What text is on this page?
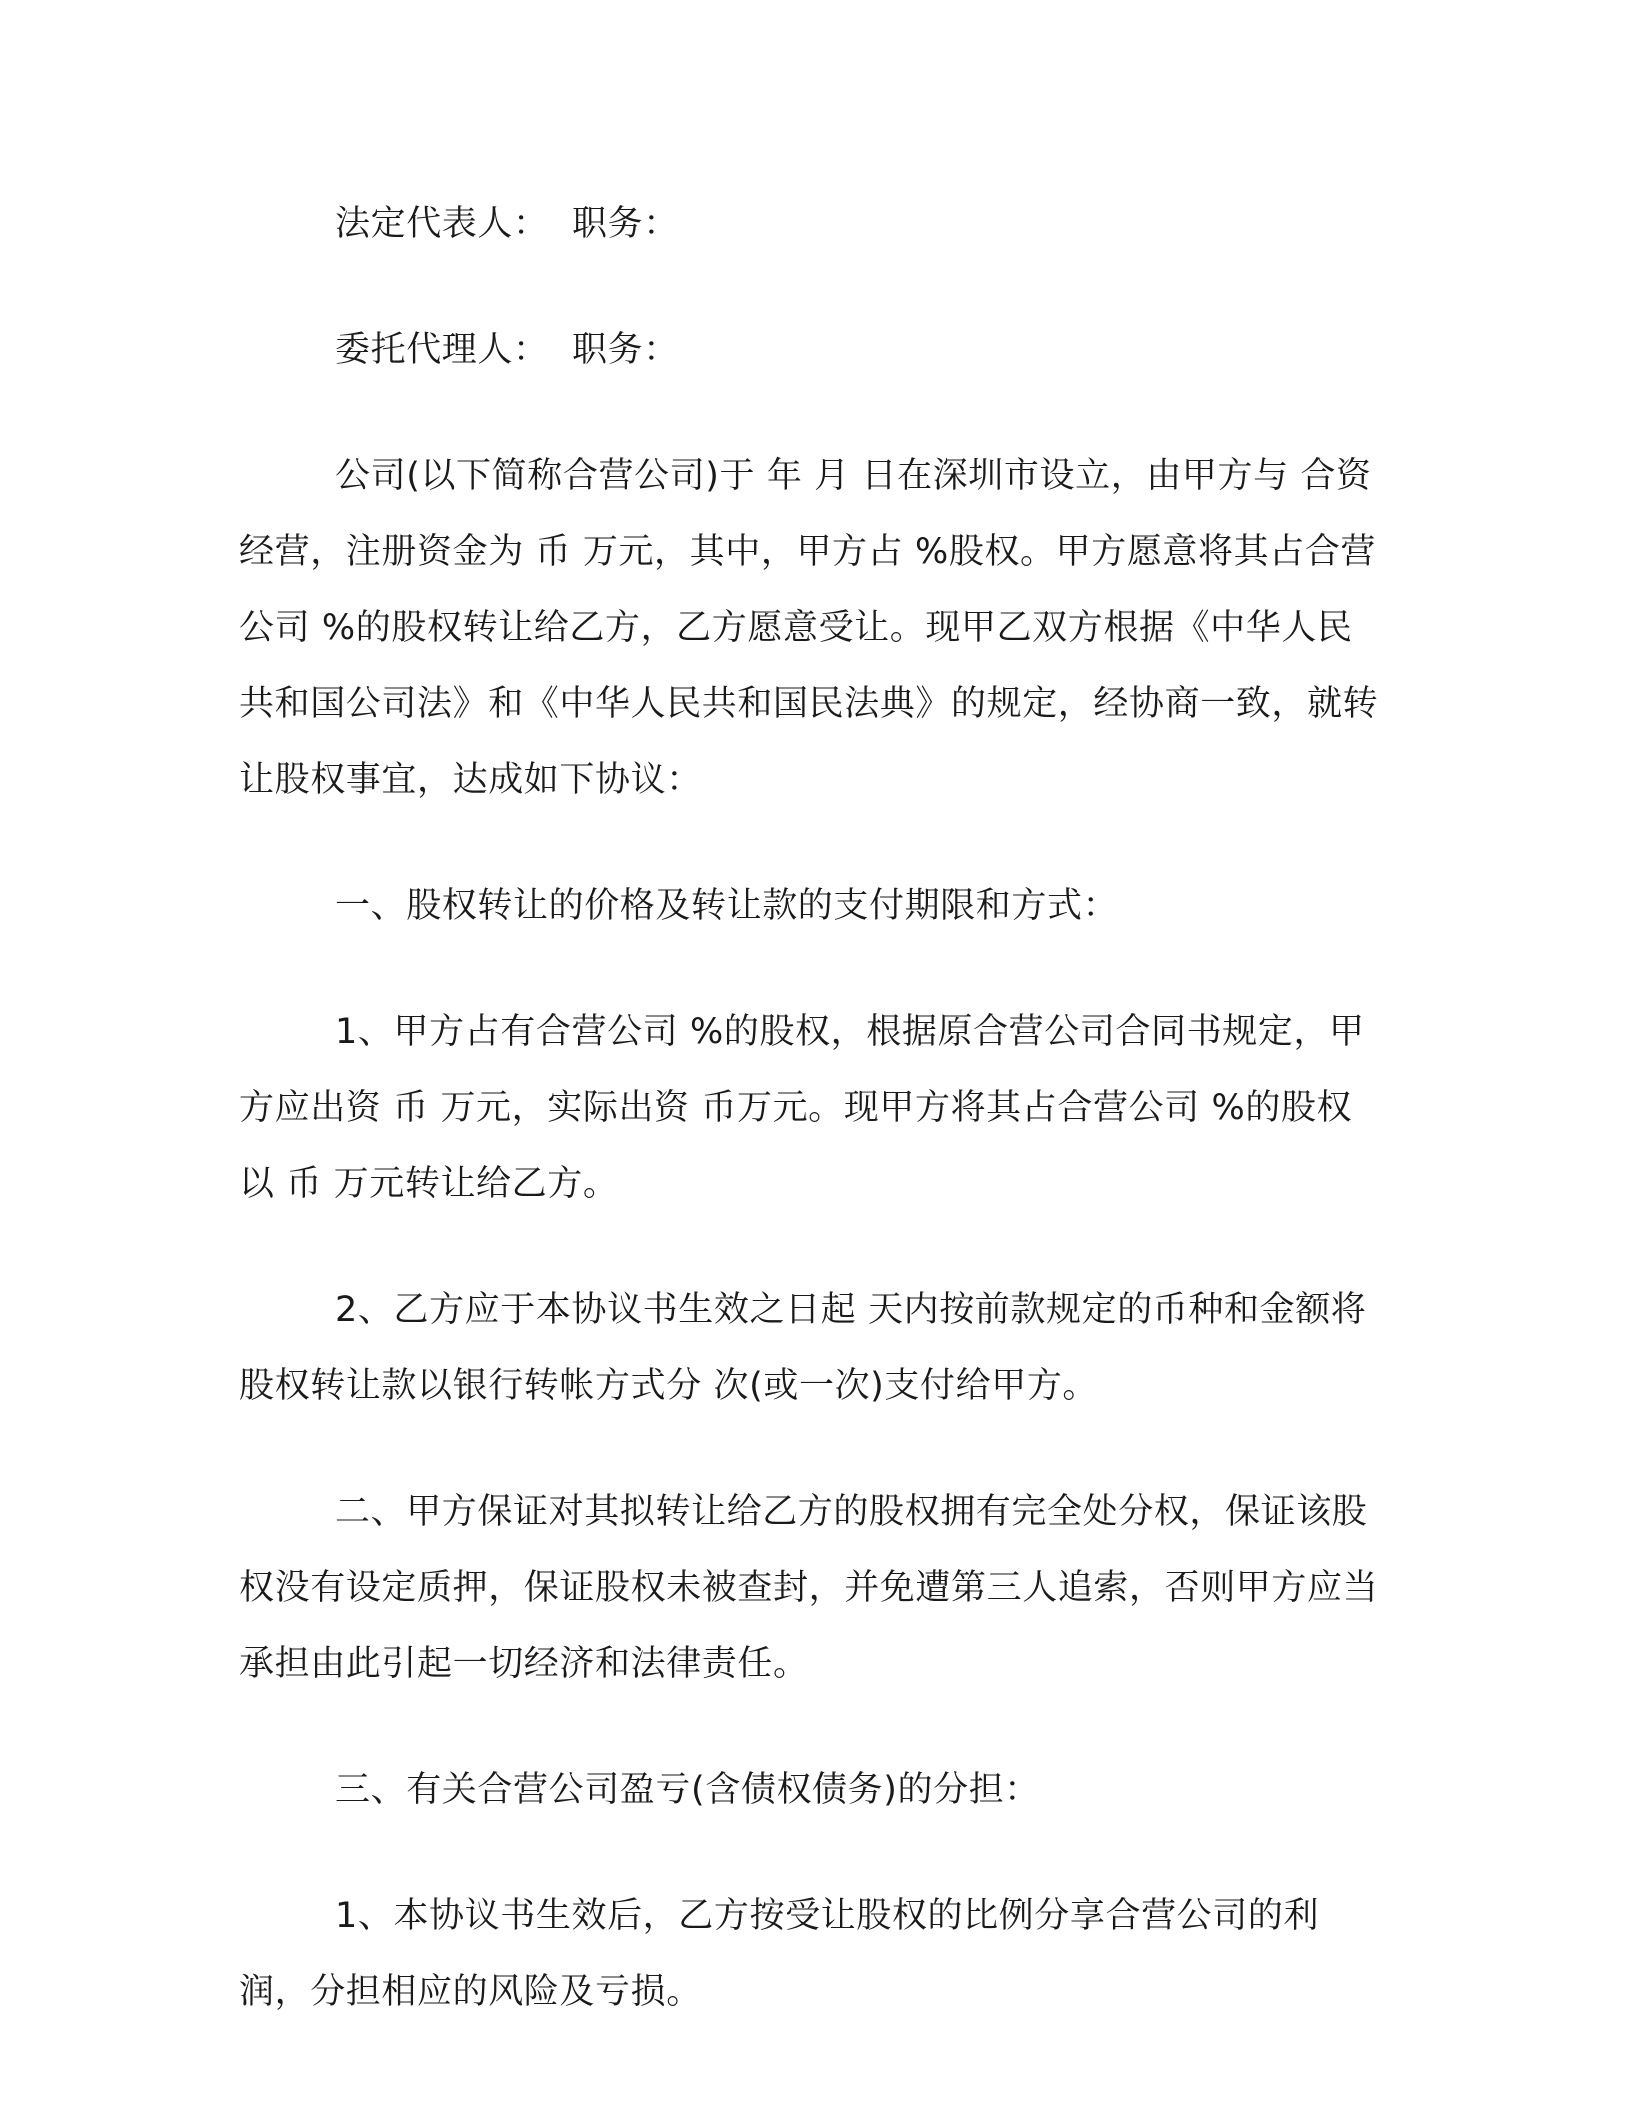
法定代表人：  职务：

委托代理人：  职务：

公司(以下简称合营公司)于 年 月 日在深圳市设立，由甲方与 合资经营，注册资金为 币 万元，其中，甲方占 %股权。甲方愿意将其占合营公司 %的股权转让给乙方，乙方愿意受让。现甲乙双方根据《中华人民共和国公司法》和《中华人民共和国民法典》的规定，经协商一致，就转让股权事宜，达成如下协议：

一、股权转让的价格及转让款的支付期限和方式：

1、甲方占有合营公司 %的股权，根据原合营公司合同书规定，甲方应出资 币 万元，实际出资 币万元。现甲方将其占合营公司 %的股权以 币 万元转让给乙方。

2、乙方应于本协议书生效之日起 天内按前款规定的币种和金额将股权转让款以银行转帐方式分 次(或一次)支付给甲方。

二、甲方保证对其拟转让给乙方的股权拥有完全处分权，保证该股权没有设定质押，保证股权未被查封，并免遭第三人追索，否则甲方应当承担由此引起一切经济和法律责任。

三、有关合营公司盈亏(含债权债务)的分担：

1、本协议书生效后，乙方按受让股权的比例分享合营公司的利润，分担相应的风险及亏损。
